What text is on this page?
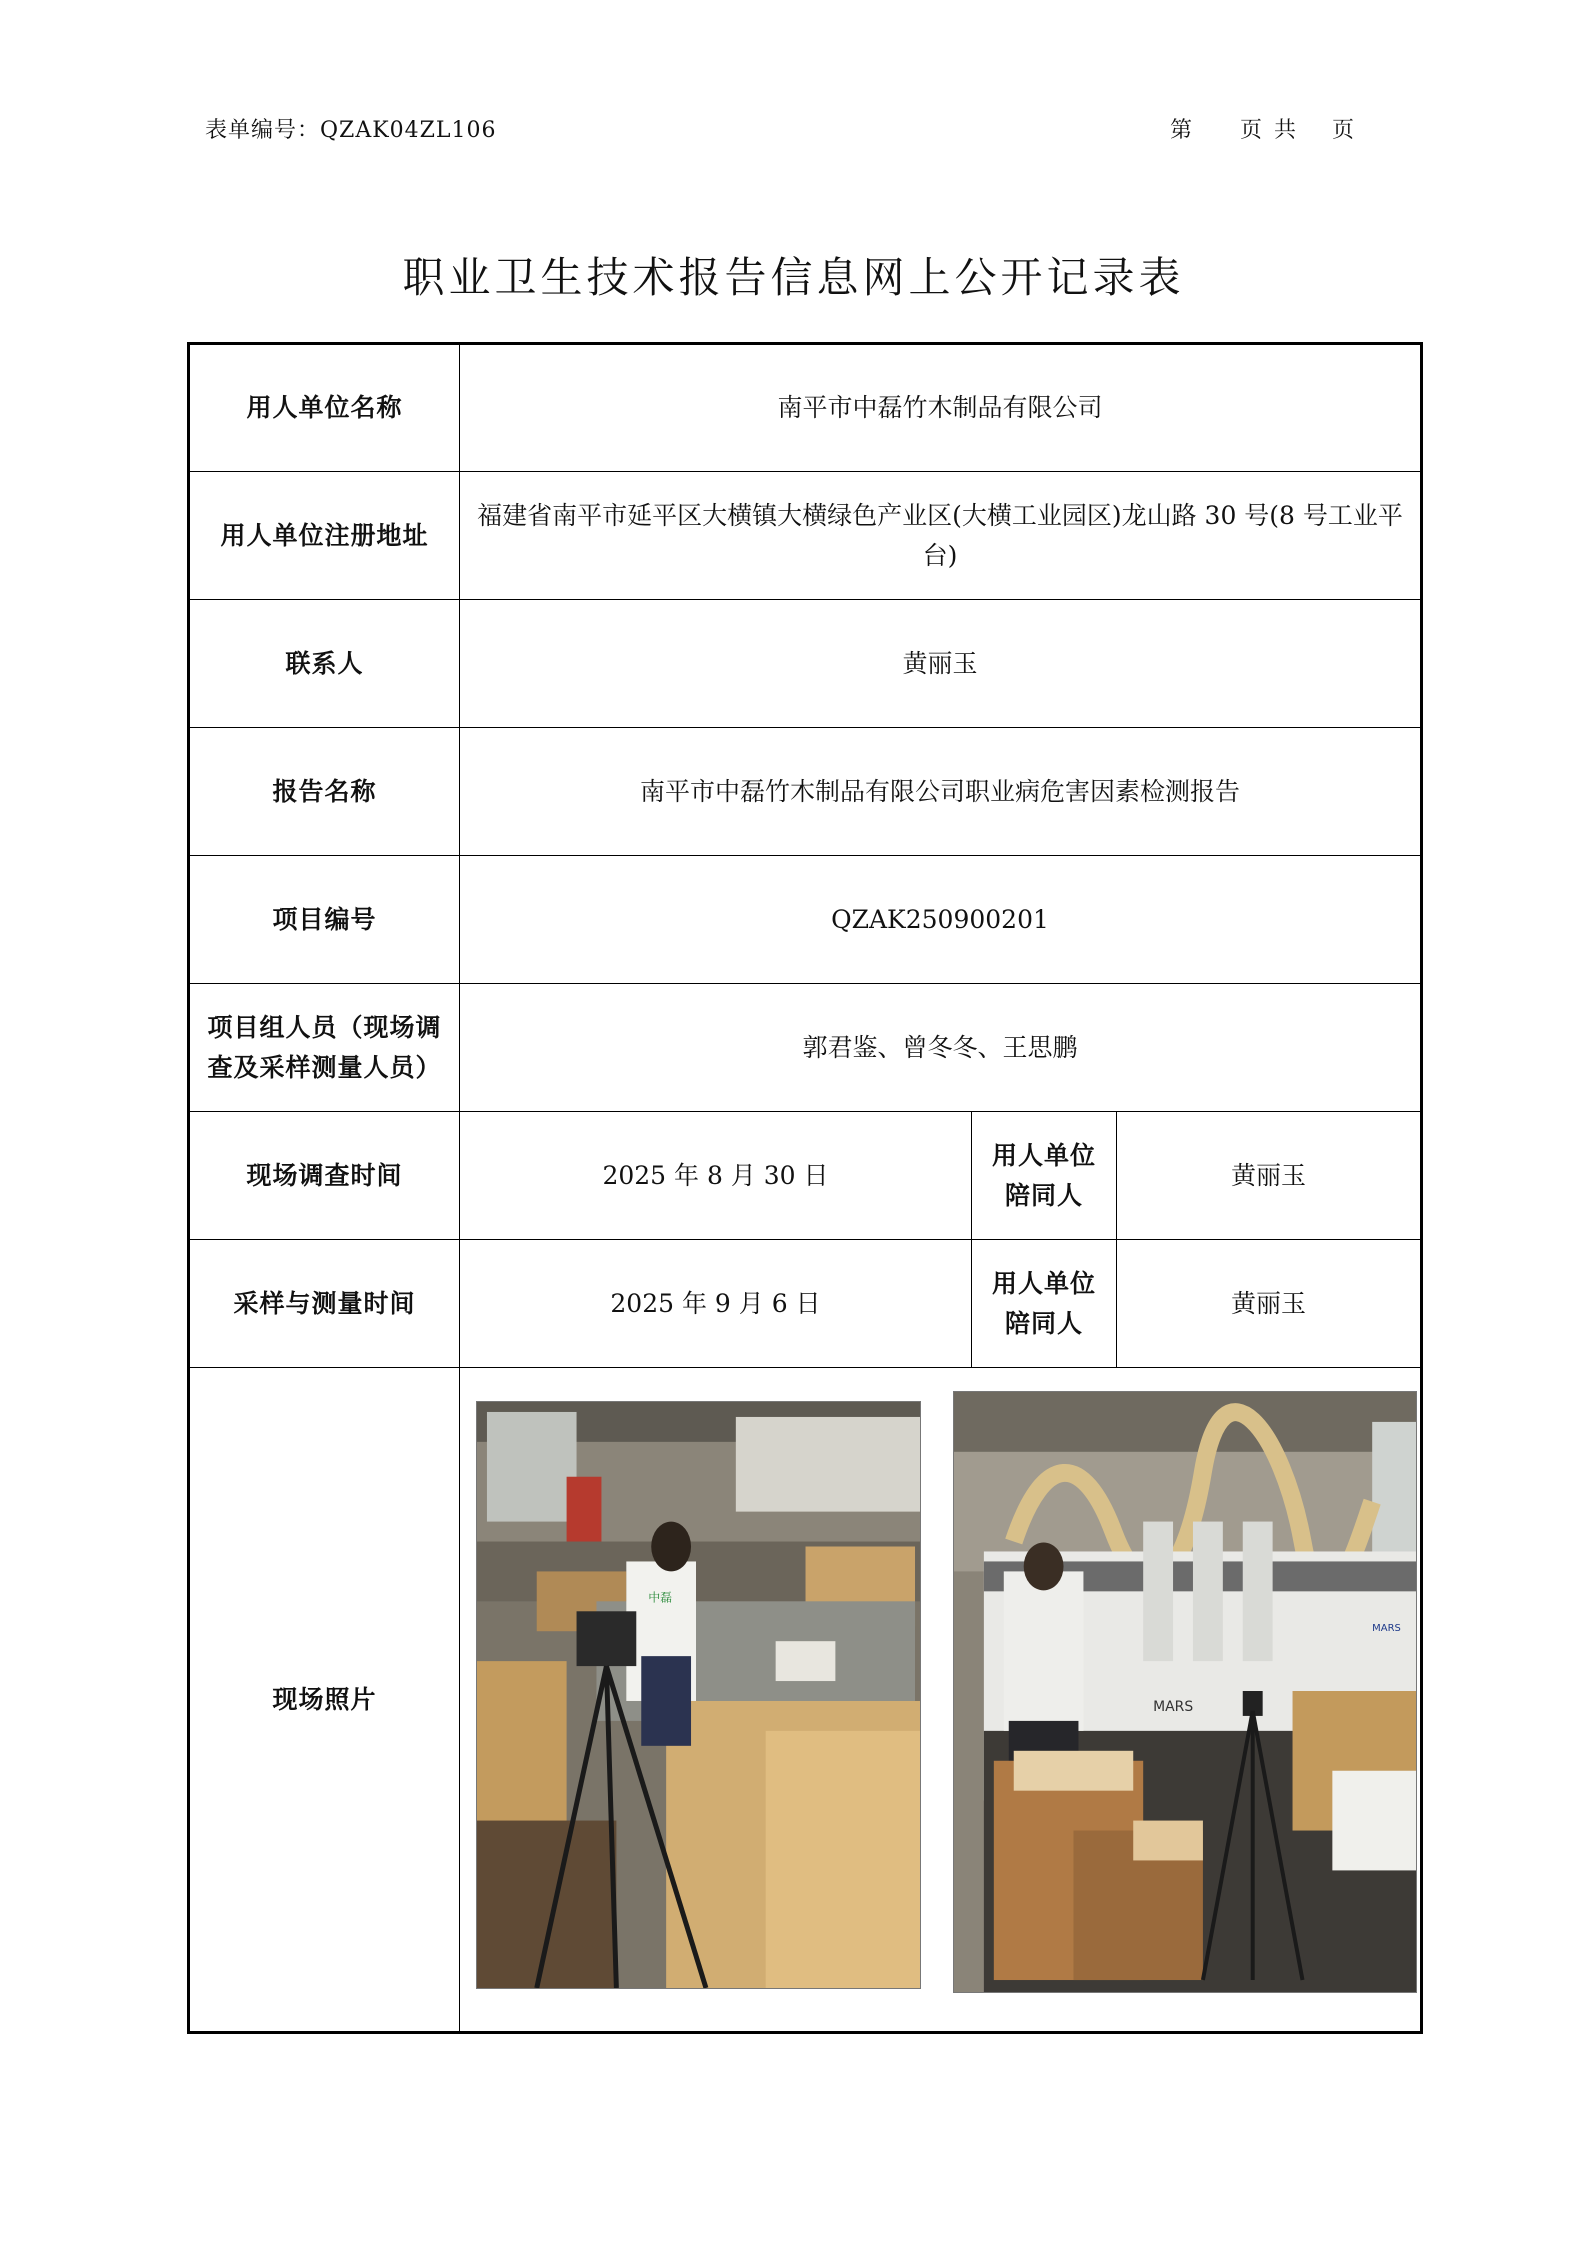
表单编号：QZAK04ZL106	第 页 共 页
职业卫生技术报告信息网上公开记录表
用人单位名称	南平市中磊竹木制品有限公司		
用人单位注册地址	福建省南平市延平区大横镇大横绿色产业区(大横工业园区)龙山路 30 号(8 号工业平台)		
联系人	黄丽玉		
报告名称	南平市中磊竹木制品有限公司职业病危害因素检测报告		
项目编号	QZAK250900201		
项目组人员（现场调查及采样测量人员）	郭君鉴、曾冬冬、王思鹏		
现场调查时间	2025 年 8 月 30 日	用人单位陪同人	黄丽玉
采样与测量时间	2025 年 9 月 6 日	用人单位陪同人	黄丽玉
现场照片	中磊
MARS
MARS		
